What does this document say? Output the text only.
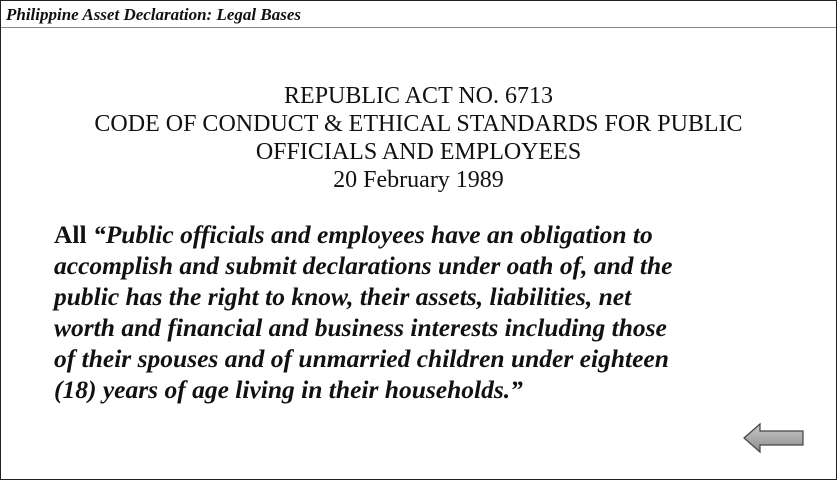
Philippine Asset Declaration: Legal Bases
REPUBLIC ACT NO. 6713
CODE OF CONDUCT & ETHICAL STANDARDS FOR PUBLIC
OFFICIALS AND EMPLOYEES
20 February 1989
All “Public officials and employees have an obligation to
accomplish and submit declarations under oath of, and the
public has the right to know, their assets, liabilities, net
worth and financial and business interests including those
of their spouses and of unmarried children under eighteen
(18) years of age living in their households.”
